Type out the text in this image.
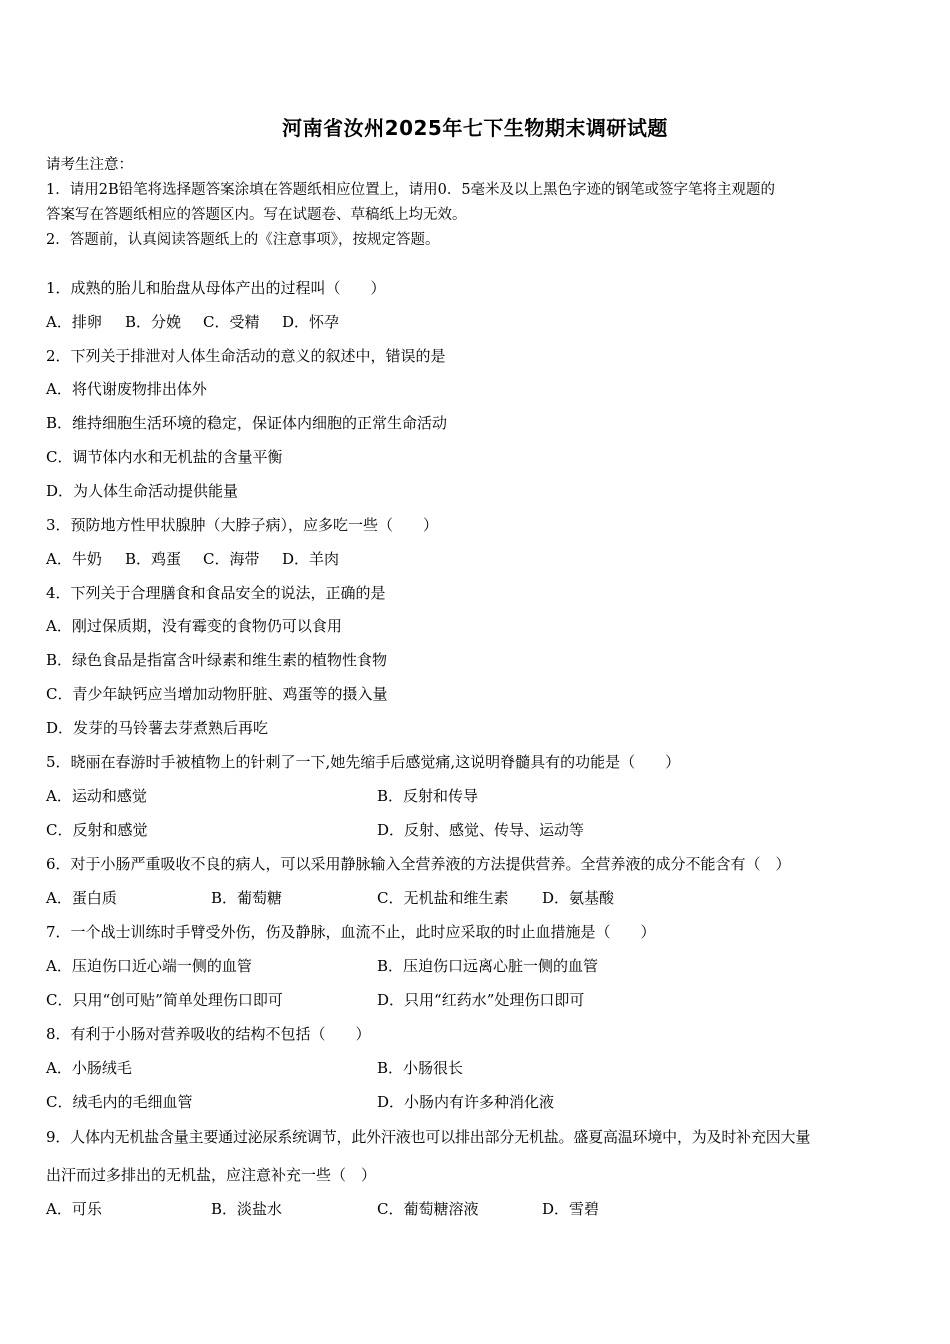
河南省汝州2025年七下生物期末调研试题
请考生注意：
1．请用2B铅笔将选择题答案涂填在答题纸相应位置上，请用0．5毫米及以上黑色字迹的钢笔或签字笔将主观题的
答案写在答题纸相应的答题区内。写在试题卷、草稿纸上均无效。
2．答题前，认真阅读答题纸上的《注意事项》，按规定答题。
1．成熟的胎儿和胎盘从母体产出的过程叫（　　）
A．排卵 B．分娩 C．受精 D．怀孕
2．下列关于排泄对人体生命活动的意义的叙述中，错误的是
A．将代谢废物排出体外
B．维持细胞生活环境的稳定，保证体内细胞的正常生命活动
C．调节体内水和无机盐的含量平衡
D．为人体生命活动提供能量
3．预防地方性甲状腺肿（大脖子病），应多吃一些（　　）
A．牛奶 B．鸡蛋 C．海带 D．羊肉
4．下列关于合理膳食和食品安全的说法，正确的是
A．刚过保质期，没有霉变的食物仍可以食用
B．绿色食品是指富含叶绿素和维生素的植物性食物
C．青少年缺钙应当增加动物肝脏、鸡蛋等的摄入量
D．发芽的马铃薯去芽煮熟后再吃
5．晓丽在春游时手被植物上的针刺了一下,她先缩手后感觉痛,这说明脊髓具有的功能是（　　）
A．运动和感觉	B．反射和传导
C．反射和感觉	D．反射、感觉、传导、运动等
6．对于小肠严重吸收不良的病人，可以采用静脉输入全营养液的方法提供营养。全营养液的成分不能含有（　）
A．蛋白质	B．葡萄糖	C．无机盐和维生素 D．氨基酸
7．一个战士训练时手臂受外伤，伤及静脉，血流不止，此时应采取的时止血措施是（　　）
A．压迫伤口近心端一侧的血管	B．压迫伤口远离心脏一侧的血管
C．只用“创可贴”简单处理伤口即可	D．只用“红药水”处理伤口即可
8．有利于小肠对营养吸收的结构不包括（　　）
A．小肠绒毛	B．小肠很长
C．绒毛内的毛细血管	D．小肠内有许多种消化液
9．人体内无机盐含量主要通过泌尿系统调节，此外汗液也可以排出部分无机盐。盛夏高温环境中，为及时补充因大量
出汗而过多排出的无机盐，应注意补充一些（　）
A．可乐	B．淡盐水	C．葡萄糖溶液	D．雪碧
